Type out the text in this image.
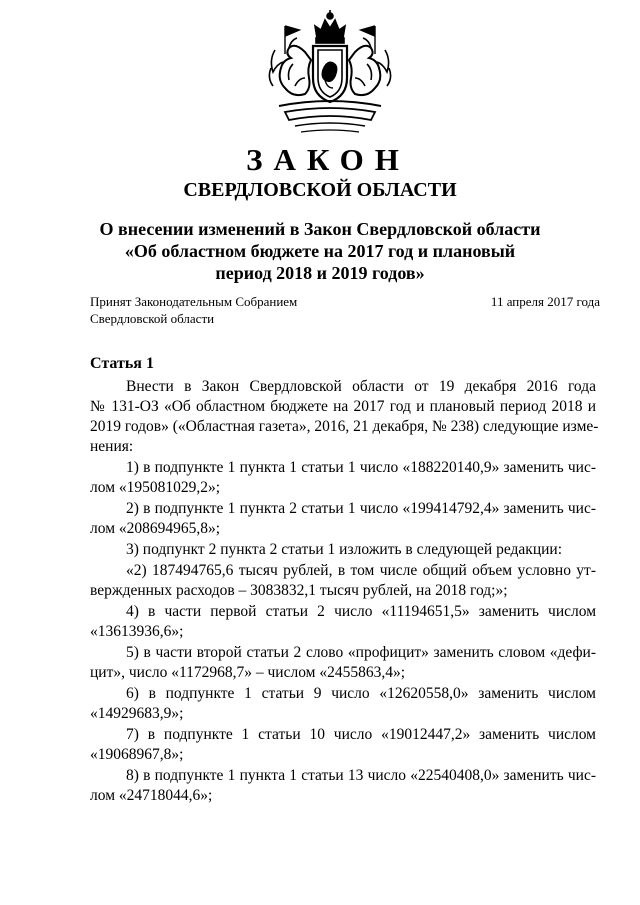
ЗАКОН
СВЕРДЛОВСКОЙ ОБЛАСТИ
О внесении изменений в Закон Свердловской области
«Об областном бюджете на 2017 год и плановый
период 2018 и 2019 годов»
Принят Законодательным Собранием
Свердловской области
11 апреля 2017 года
Статья 1
Внести в Закон Свердловской области от 19 декабря 2016 года
№ 131-ОЗ «Об областном бюджете на 2017 год и плановый период 2018 и
2019 годов» («Областная газета», 2016, 21 декабря, № 238) следующие изме-
нения:
1) в подпункте 1 пункта 1 статьи 1 число «188220140,9» заменить чис-
лом «195081029,2»;
2) в подпункте 1 пункта 2 статьи 1 число «199414792,4» заменить чис-
лом «208694965,8»;
3) подпункт 2 пункта 2 статьи 1 изложить в следующей редакции:
«2) 187494765,6 тысяч рублей, в том числе общий объем условно ут-
вержденных расходов – 3083832,1 тысяч рублей, на 2018 год;»;
4) в части первой статьи 2 число «11194651,5» заменить числом
«13613936,6»;
5) в части второй статьи 2 слово «профицит» заменить словом «дефи-
цит», число «1172968,7» – числом «2455863,4»;
6) в подпункте 1 статьи 9 число «12620558,0» заменить числом
«14929683,9»;
7) в подпункте 1 статьи 10 число «19012447,2» заменить числом
«19068967,8»;
8) в подпункте 1 пункта 1 статьи 13 число «22540408,0» заменить чис-
лом «24718044,6»;
